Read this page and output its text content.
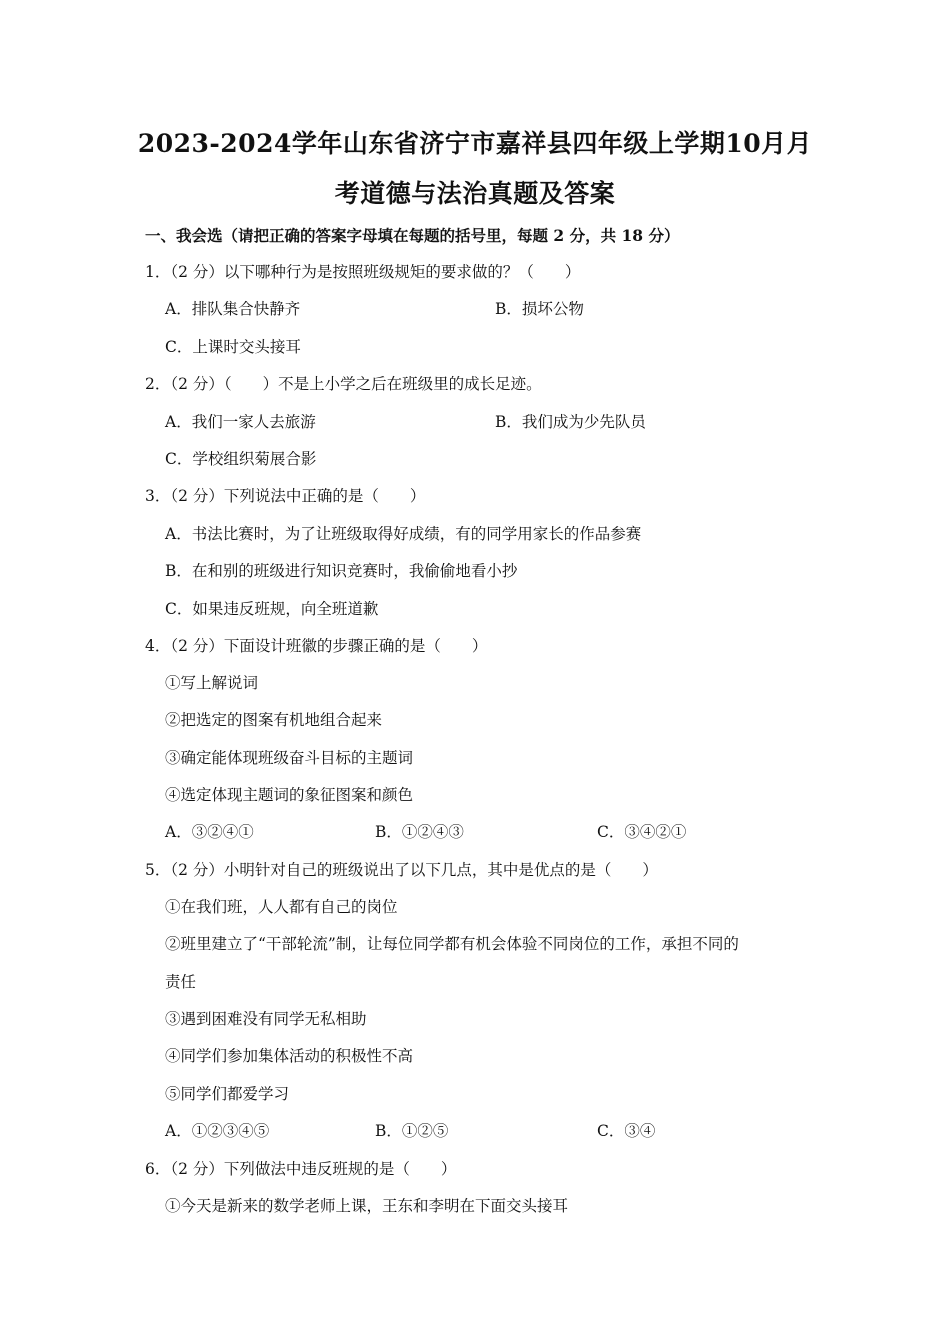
2023-2024学年山东省济宁市嘉祥县四年级上学期10月月
考道德与法治真题及答案
一、我会选（请把正确的答案字母填在每题的括号里，每题 2 分，共 18 分）
1．（2 分）以下哪种行为是按照班级规矩的要求做的？（　　）
A．排队集合快静齐	B．损坏公物
C．上课时交头接耳
2．（2 分）（　　）不是上小学之后在班级里的成长足迹。
A．我们一家人去旅游	B．我们成为少先队员
C．学校组织菊展合影
3．（2 分）下列说法中正确的是（　　）
A．书法比赛时，为了让班级取得好成绩，有的同学用家长的作品参赛
B．在和别的班级进行知识竞赛时，我偷偷地看小抄
C．如果违反班规，向全班道歉
4．（2 分）下面设计班徽的步骤正确的是（　　）
①写上解说词
②把选定的图案有机地组合起来
③确定能体现班级奋斗目标的主题词
④选定体现主题词的象征图案和颜色
A．③②④①	B．①②④③	C．③④②①
5．（2 分）小明针对自己的班级说出了以下几点，其中是优点的是（　　）
①在我们班，人人都有自己的岗位
②班里建立了“干部轮流”制，让每位同学都有机会体验不同岗位的工作，承担不同的
责任
③遇到困难没有同学无私相助
④同学们参加集体活动的积极性不高
⑤同学们都爱学习
A．①②③④⑤	B．①②⑤	C．③④
6．（2 分）下列做法中违反班规的是（　　）
①今天是新来的数学老师上课，王东和李明在下面交头接耳
